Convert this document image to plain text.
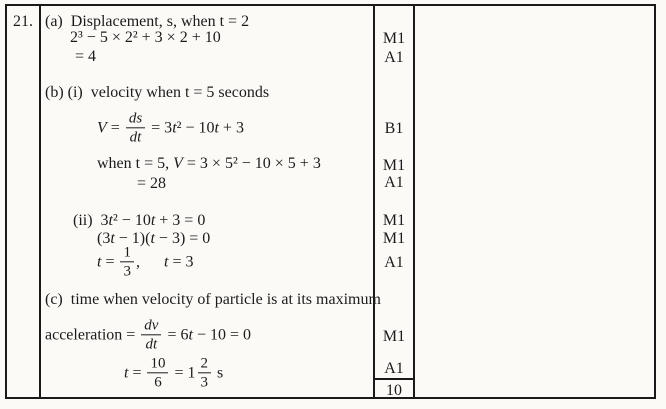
21. (a)  Displacement, s, when t = 2
2³ − 5 × 2² + 3 × 2 + 10
= 4
(b) (i)  velocity when t = 5 seconds
$V = \frac{ds}{dt} = 3$ t ² − 10 t + 3
when t = 5, V = 3 × 5² − 10 × 5 + 3
= 28
(ii)  3 t ² − 10 t + 3 = 0
(3 t − 1)( t − 3) = 0
$t = \frac{1}{3}$ , t = 3
(c)  time when velocity of particle is at its maximum
acceleration = $\frac{dv}{dt} = 6$ t − 10 = 0
$t = \frac{10}{6} = 1 \frac{2}{3}$ s
M1
A1
B1
M1
A1
M1
M1
A1
M1
A1
10
